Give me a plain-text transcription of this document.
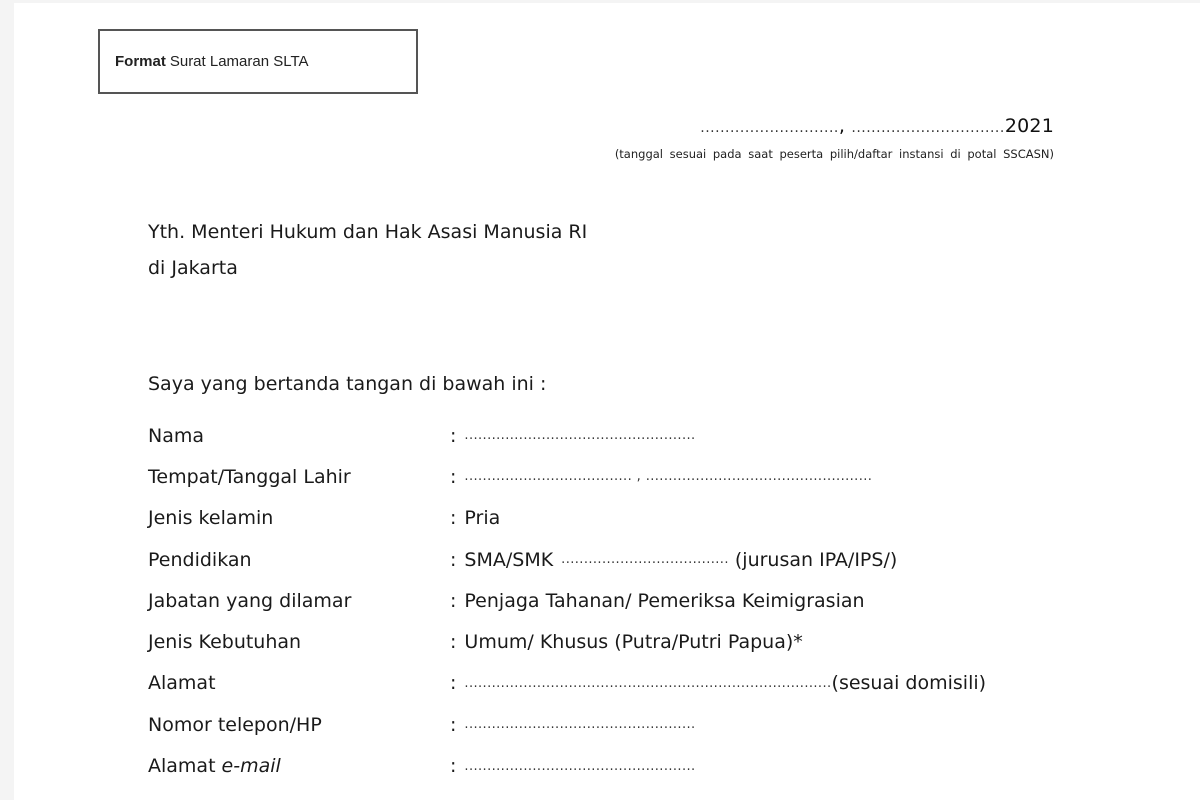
Format Surat Lamaran SLTA
............................, ...............................2021
(tanggal sesuai pada saat peserta pilih/daftar instansi di potal SSCASN)
Yth. Menteri Hukum dan Hak Asasi Manusia RI
di Jakarta
Saya yang bertanda tangan di bawah ini :
Nama	: ...................................................
Tempat/Tanggal Lahir	: ..................................... , ..................................................
Jenis kelamin	: Pria
Pendidikan	: SMA/SMK ..................................... (jurusan IPA/IPS/)
Jabatan yang dilamar	: Penjaga Tahanan/ Pemeriksa Keimigrasian
Jenis Kebutuhan	: Umum/ Khusus (Putra/Putri Papua)*
Alamat	: ................................................................................. (sesuai domisili)
Nomor telepon/HP	: ...................................................
Alamat e-mail	: ...................................................
